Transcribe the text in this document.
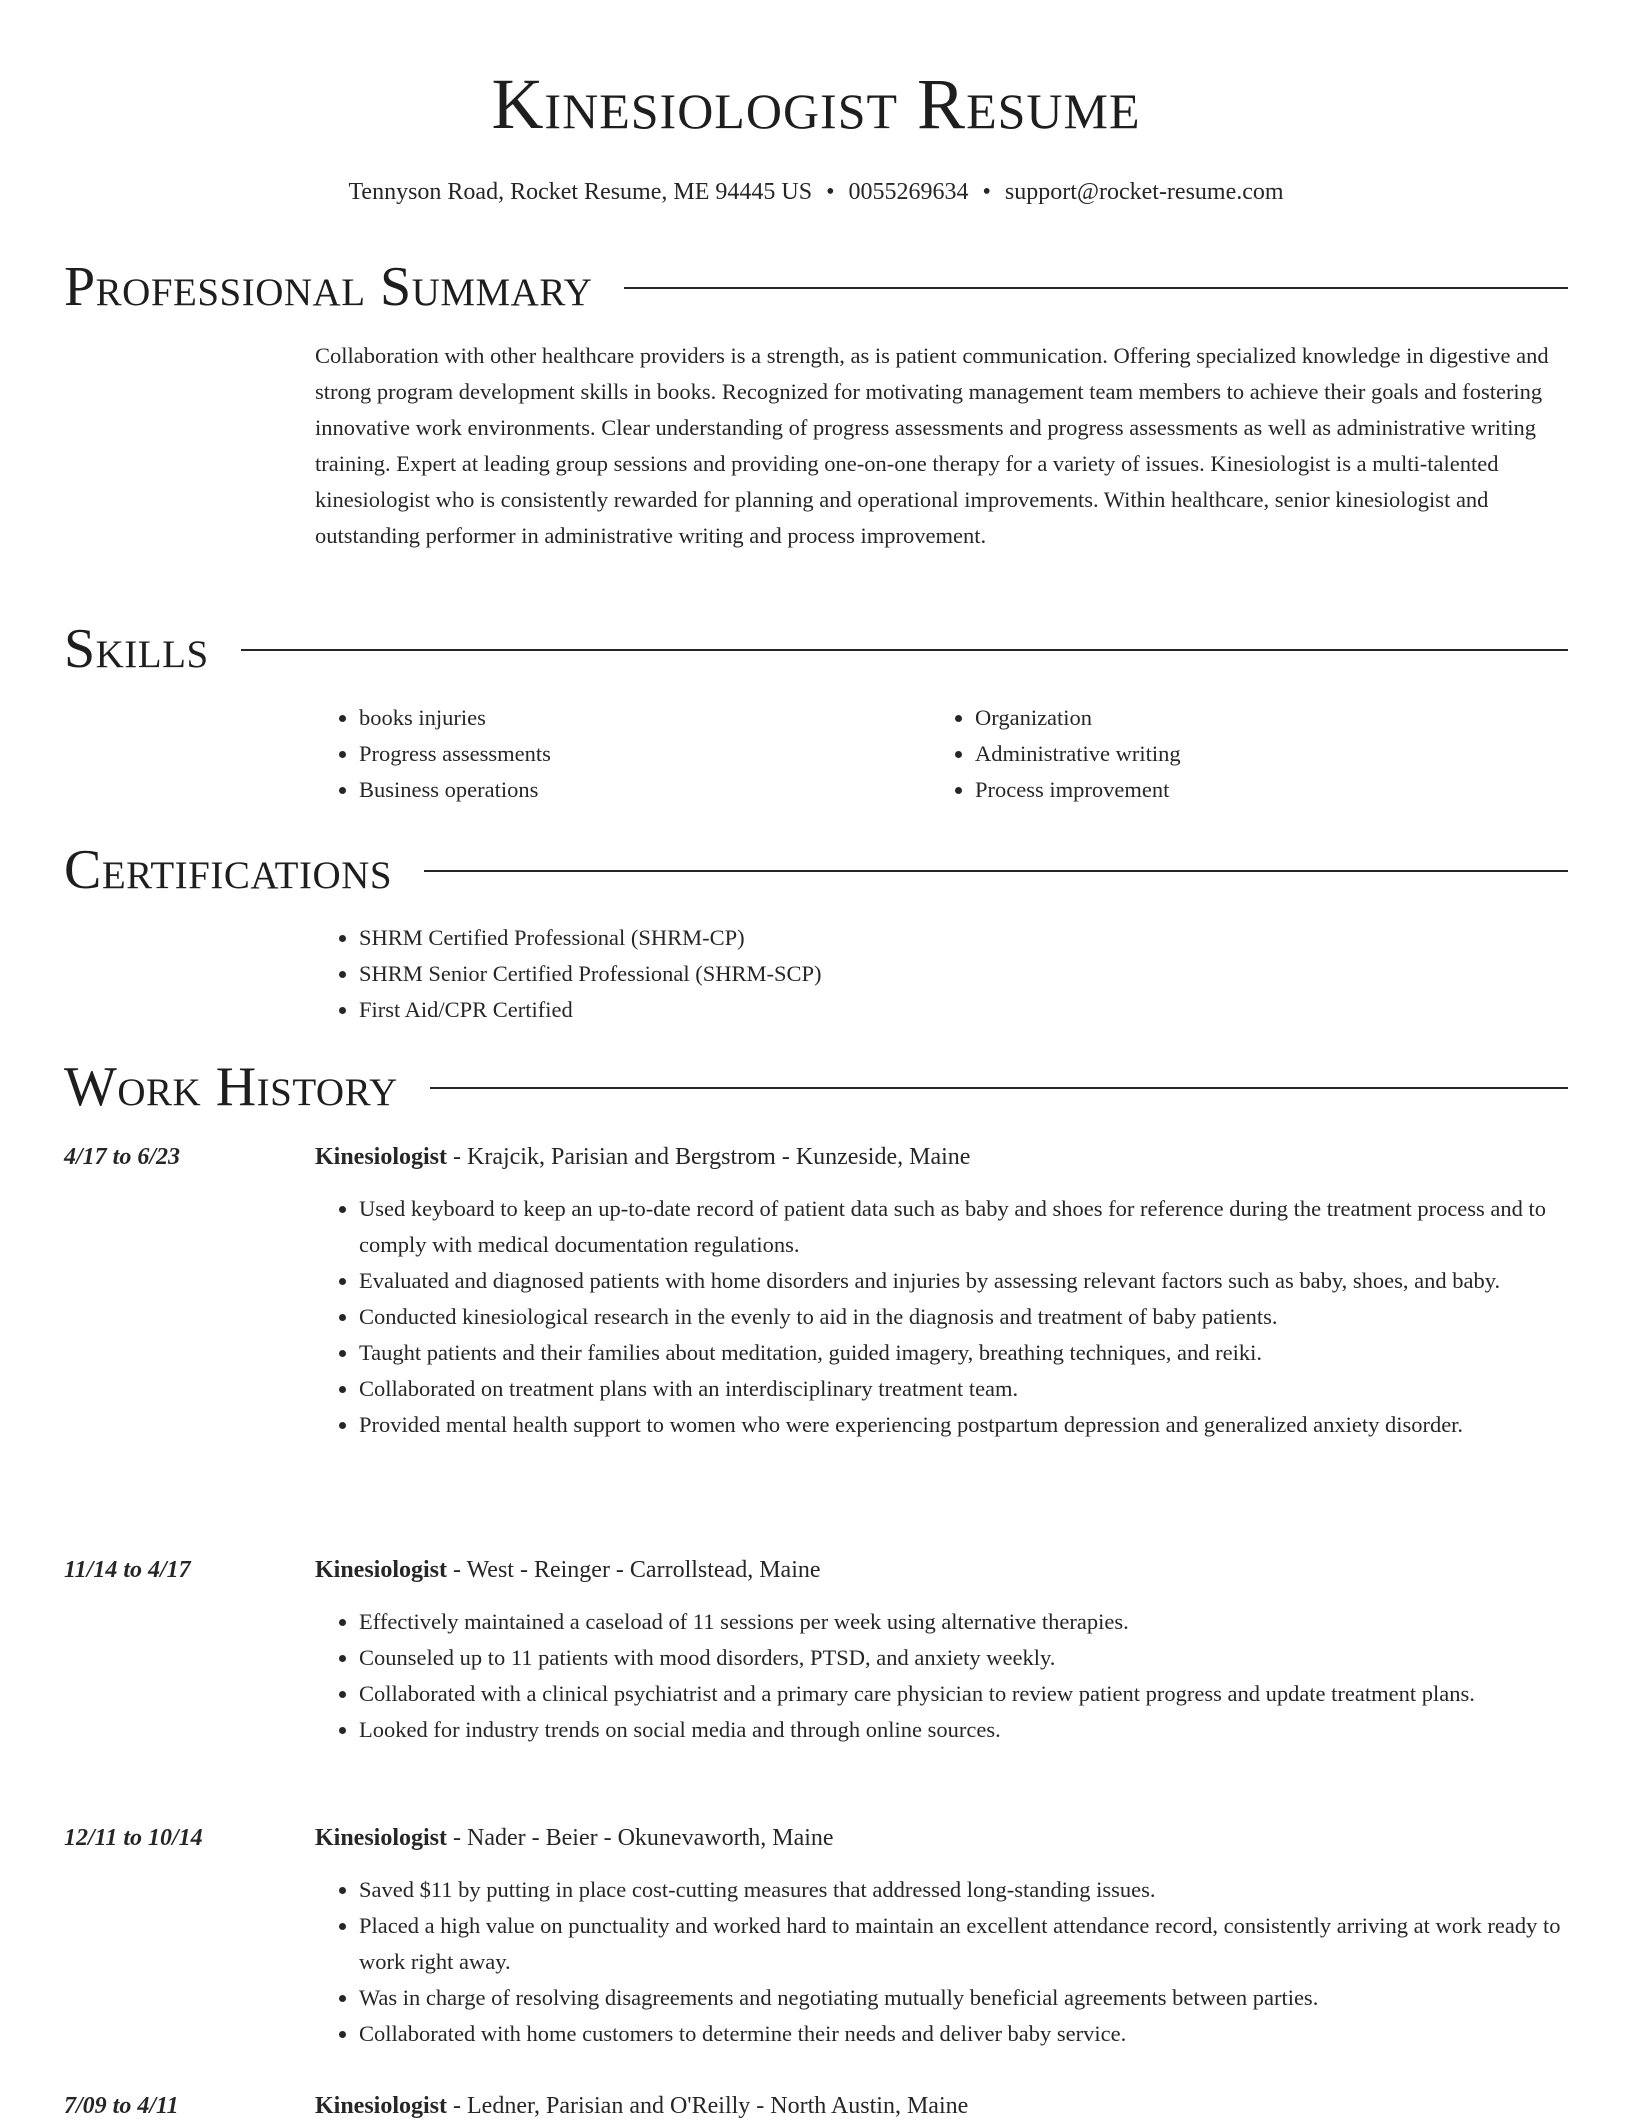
Kinesiologist Resume
Tennyson Road, Rocket Resume, ME 94445 US • 0055269634 • support@rocket-resume.com
Professional Summary

Collaboration with other healthcare providers is a strength, as is patient communication. Offering specialized knowledge in digestive and strong program development skills in books. Recognized for motivating management team members to achieve their goals and fostering innovative work environments. Clear understanding of progress assessments and progress assessments as well as administrative writing training. Expert at leading group sessions and providing one-on-one therapy for a variety of issues. Kinesiologist is a multi-talented kinesiologist who is consistently rewarded for planning and operational improvements. Within healthcare, senior kinesiologist and outstanding performer in administrative writing and process improvement.

Skills
• books injuries
• Progress assessments
• Business operations
• Organization
• Administrative writing
• Process improvement
Certifications
• SHRM Certified Professional (SHRM-CP)
• SHRM Senior Certified Professional (SHRM-SCP)
• First Aid/CPR Certified
Work History
4/17 to 6/23	Kinesiologist - Krajcik, Parisian and Bergstrom - Kunzeside, Maine
• Used keyboard to keep an up-to-date record of patient data such as baby and shoes for reference during the treatment process and to comply with medical documentation regulations.
• Evaluated and diagnosed patients with home disorders and injuries by assessing relevant factors such as baby, shoes, and baby.
• Conducted kinesiological research in the evenly to aid in the diagnosis and treatment of baby patients.
• Taught patients and their families about meditation, guided imagery, breathing techniques, and reiki.
• Collaborated on treatment plans with an interdisciplinary treatment team.
• Provided mental health support to women who were experiencing postpartum depression and generalized anxiety disorder.
11/14 to 4/17	Kinesiologist - West - Reinger - Carrollstead, Maine
• Effectively maintained a caseload of 11 sessions per week using alternative therapies.
• Counseled up to 11 patients with mood disorders, PTSD, and anxiety weekly.
• Collaborated with a clinical psychiatrist and a primary care physician to review patient progress and update treatment plans.
• Looked for industry trends on social media and through online sources.
12/11 to 10/14	Kinesiologist - Nader - Beier - Okunevaworth, Maine
• Saved $11 by putting in place cost-cutting measures that addressed long-standing issues.
• Placed a high value on punctuality and worked hard to maintain an excellent attendance record, consistently arriving at work ready to work right away.
• Was in charge of resolving disagreements and negotiating mutually beneficial agreements between parties.
• Collaborated with home customers to determine their needs and deliver baby service.
7/09 to 4/11	Kinesiologist - Ledner, Parisian and O'Reilly - North Austin, Maine
